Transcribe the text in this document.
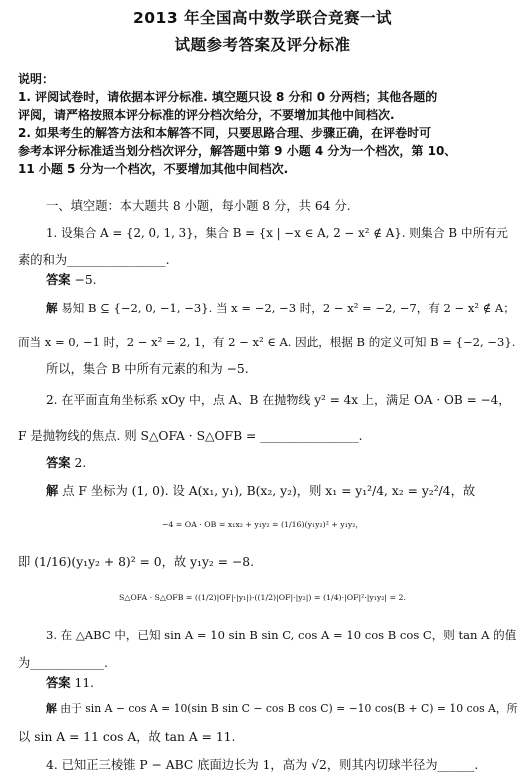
2013 年全国高中数学联合竞赛一试
试题参考答案及评分标准
说明：
1. 评阅试卷时，请依据本评分标准. 填空题只设 8 分和 0 分两档；其他各题的
评阅，请严格按照本评分标准的评分档次给分，不要增加其他中间档次.
2. 如果考生的解答方法和本解答不同，只要思路合理、步骤正确，在评卷时可
参考本评分标准适当划分档次评分，解答题中第 9 小题 4 分为一个档次，第 10、
11 小题 5 分为一个档次，不要增加其他中间档次.
一、填空题：本大题共 8 小题，每小题 8 分，共 64 分.
1. 设集合 A = {2, 0, 1, 3}，集合 B = {x | −x ∈ A, 2 − x² ∉ A}. 则集合 B 中所有元
素的和为________________.
答案 −5.
解 易知 B ⊆ {−2, 0, −1, −3}. 当 x = −2, −3 时，2 − x² = −2, −7，有 2 − x² ∉ A；
而当 x = 0, −1 时，2 − x² = 2, 1，有 2 − x² ∈ A. 因此，根据 B 的定义可知 B = {−2, −3}.
所以，集合 B 中所有元素的和为 −5.
2. 在平面直角坐标系 xOy 中，点 A、B 在抛物线 y² = 4x 上，满足 OA · OB = −4，
F 是抛物线的焦点. 则 S△OFA · S△OFB = ________________.
答案 2.
解 点 F 坐标为 (1, 0). 设 A(x₁, y₁), B(x₂, y₂)，则 x₁ = y₁²/4, x₂ = y₂²/4，故
−4 = OA · OB = x₁x₂ + y₁y₂ = (1/16)(y₁y₂)² + y₁y₂，
即 (1/16)(y₁y₂ + 8)² = 0，故 y₁y₂ = −8.
S△OFA · S△OFB = ((1/2)|OF|·|y₁|)·((1/2)|OF|·|y₂|) = (1/4)·|OF|²·|y₁y₂| = 2.
3. 在 △ABC 中，已知 sin A = 10 sin B sin C, cos A = 10 cos B cos C，则 tan A 的值
为____________.
答案 11.
解 由于 sin A − cos A = 10(sin B sin C − cos B cos C) = −10 cos(B + C) = 10 cos A，所
以 sin A = 11 cos A，故 tan A = 11.
4. 已知正三棱锥 P − ABC 底面边长为 1，高为 √2，则其内切球半径为______.
